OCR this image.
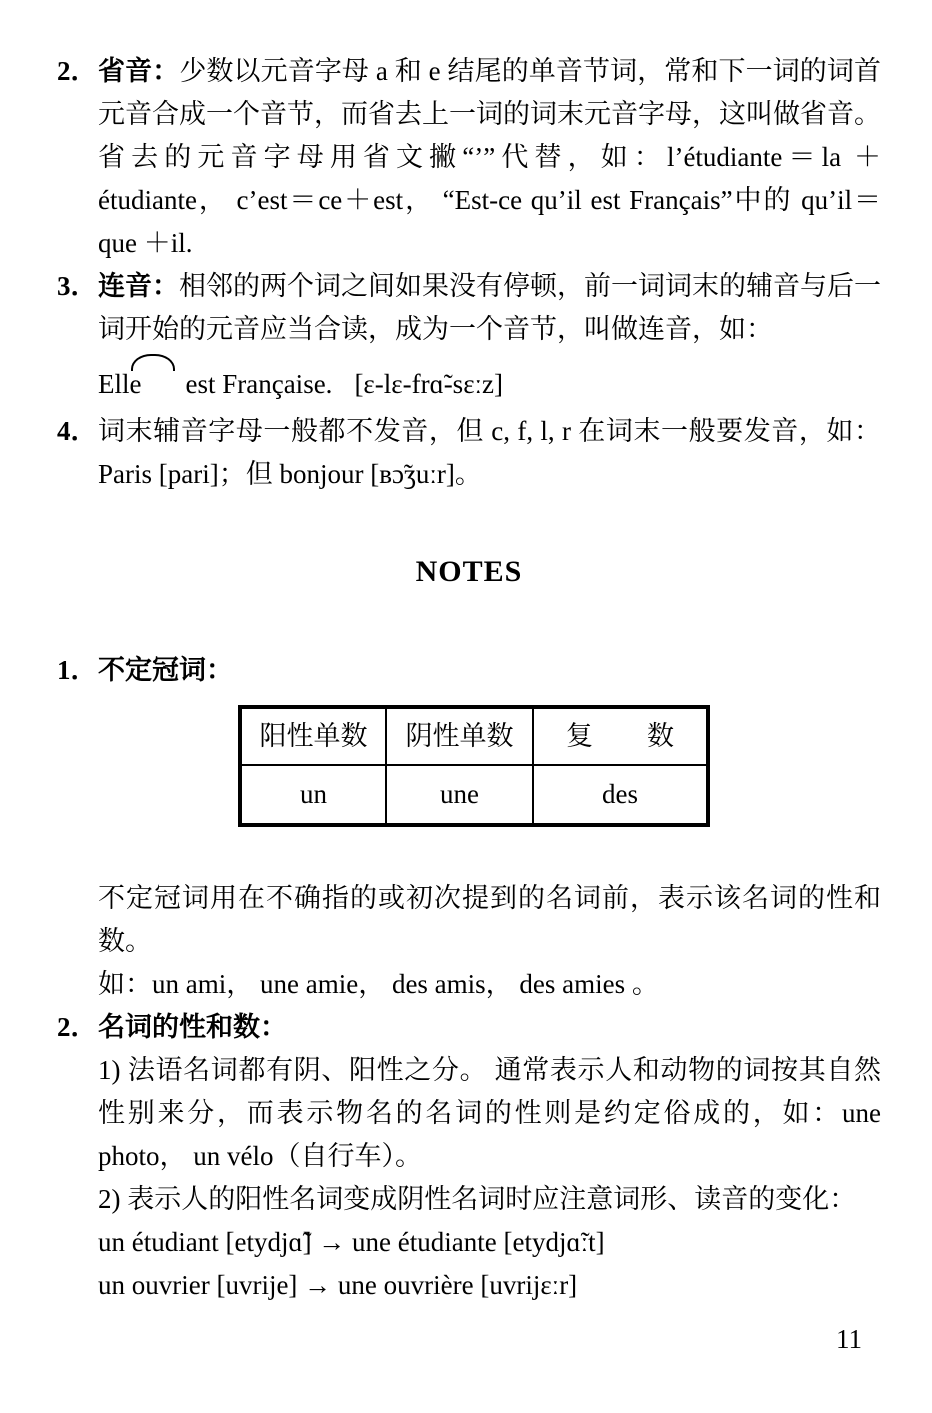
2． 省音：少数以元音字母 a 和 e 结尾的单音节词，常和下一词的词首元音合成一个音节，而省去上一词的词末元音字母，这叫做省音。 省去的元音字母用省文撇“’”代替，如：l’étudiante＝la ＋étudiante， c’est＝ce＋est， “Est-ce qu’il est Français”中的 qu’il＝que ＋il.
3． 连音：相邻的两个词之间如果没有停顿，前一词词末的辅音与后一词开始的元音应当合读，成为一个音节，叫做连音，如：
Elle est Française. [ɛ-lɛ-frɑ̃-sɛːz]
4． 词末辅音字母一般都不发音，但 c, f, l, r 在词末一般要发音，如： Paris [pari]；但 bonjour [ʙɔ̃ʒuːr]。
NOTES
1． 不定冠词：
阳性单数	阴性单数	复　　数
un	une	des

不定冠词用在不确指的或初次提到的名词前，表示该名词的性和数。

如：un ami， une amie， des amis， des amies 。
2． 名词的性和数：

1) 法语名词都有阴、阳性之分。 通常表示人和动物的词按其自然性别来分，而表示物名的名词的性则是约定俗成的，如：une photo， un vélo（自行车）。

2) 表示人的阳性名词变成阴性名词时应注意词形、读音的变化：

un étudiant [etydjɑ̃] → une étudiante [etydjɑ̃ːt]
un ouvrier [uvrije] → une ouvrière [uvrijɛːr]
11
